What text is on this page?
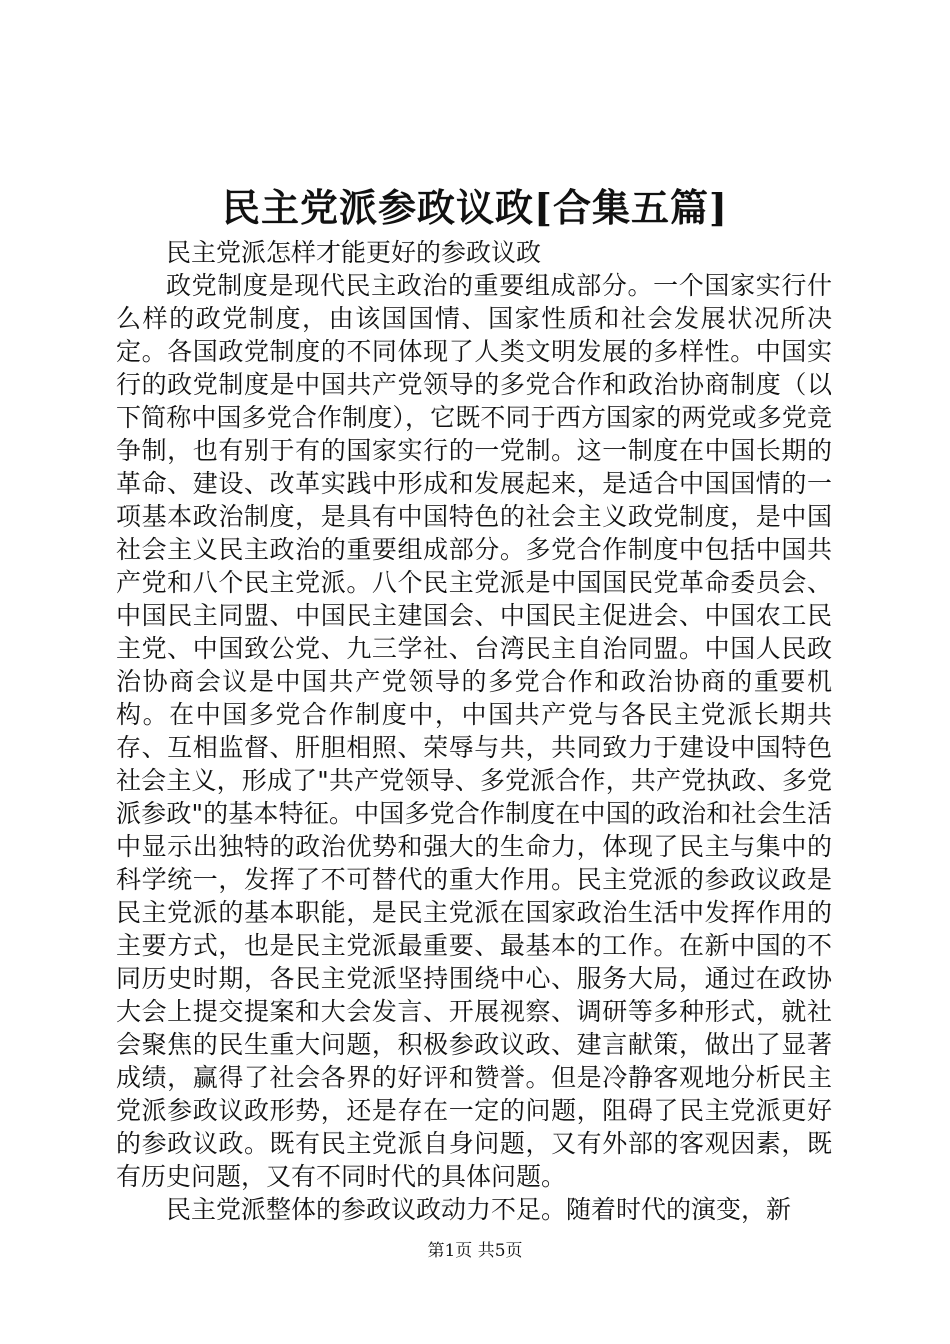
民主党派参政议政[合集五篇]

民主党派怎样才能更好的参政议政

政党制度是现代民主政治的重要组成部分。一个国家实行什么样的政党制度，由该国国情、国家性质和社会发展状况所决定。各国政党制度的不同体现了人类文明发展的多样性。中国实行的政党制度是中国共产党领导的多党合作和政治协商制度（以下简称中国多党合作制度），它既不同于西方国家的两党或多党竞争制，也有别于有的国家实行的一党制。这一制度在中国长期的革命、建设、改革实践中形成和发展起来，是适合中国国情的一项基本政治制度，是具有中国特色的社会主义政党制度，是中国社会主义民主政治的重要组成部分。多党合作制度中包括中国共产党和八个民主党派。八个民主党派是中国国民党革命委员会、中国民主同盟、中国民主建国会、中国民主促进会、中国农工民主党、中国致公党、九三学社、台湾民主自治同盟。中国人民政治协商会议是中国共产党领导的多党合作和政治协商的重要机构。在中国多党合作制度中，中国共产党与各民主党派长期共存、互相监督、肝胆相照、荣辱与共，共同致力于建设中国特色社会主义，形成了"共产党领导、多党派合作，共产党执政、多党派参政"的基本特征。中国多党合作制度在中国的政治和社会生活中显示出独特的政治优势和强大的生命力，体现了民主与集中的科学统一，发挥了不可替代的重大作用。民主党派的参政议政是民主党派的基本职能，是民主党派在国家政治生活中发挥作用的主要方式，也是民主党派最重要、最基本的工作。在新中国的不同历史时期，各民主党派坚持围绕中心、服务大局，通过在政协大会上提交提案和大会发言、开展视察、调研等多种形式，就社会聚焦的民生重大问题，积极参政议政、建言献策，做出了显著成绩，赢得了社会各界的好评和赞誉。但是冷静客观地分析民主党派参政议政形势，还是存在一定的问题，阻碍了民主党派更好的参政议政。既有民主党派自身问题，又有外部的客观因素，既有历史问题，又有不同时代的具体问题。

民主党派整体的参政议政动力不足。随着时代的演变，新

第1页 共5页
